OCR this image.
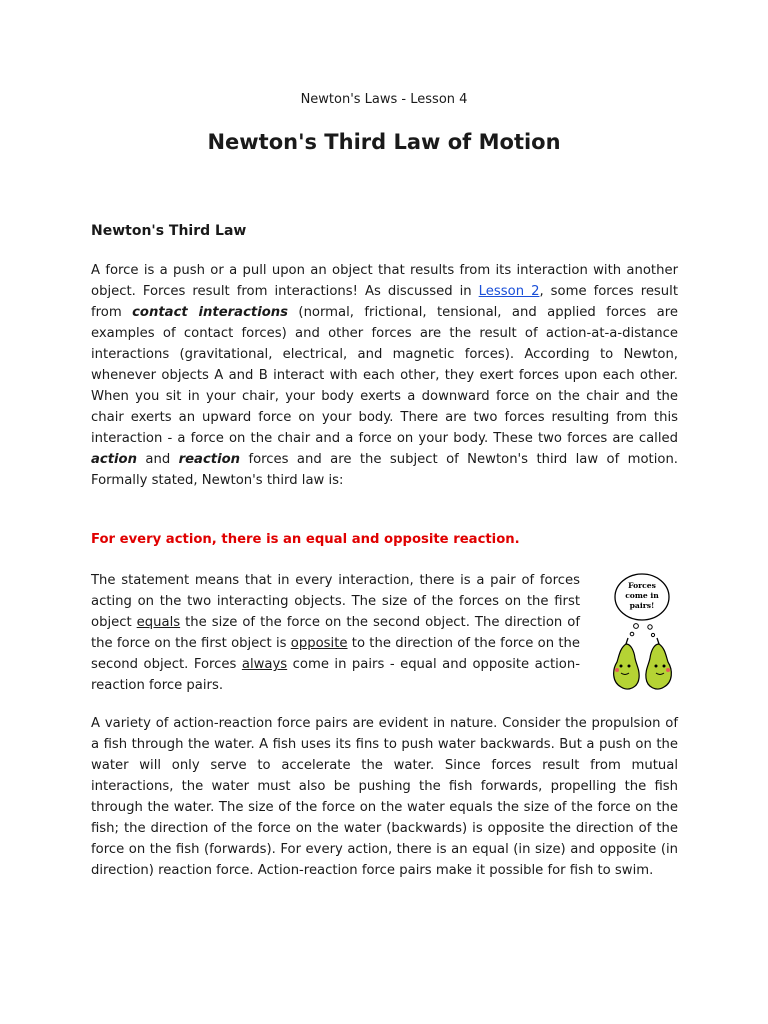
Newton's Laws - Lesson 4
Newton's Third Law of Motion
Newton's Third Law

A force is a push or a pull upon an object that results from its interaction with another object. Forces result from interactions! As discussed in Lesson 2, some forces result from contact interactions (normal, frictional, tensional, and applied forces are examples of contact forces) and other forces are the result of action-at-a-distance interactions (gravitational, electrical, and magnetic forces). According to Newton, whenever objects A and B interact with each other, they exert forces upon each other. When you sit in your chair, your body exerts a downward force on the chair and the chair exerts an upward force on your body. There are two forces resulting from this interaction - a force on the chair and a force on your body. These two forces are called action and reaction forces and are the subject of Newton's third law of motion. Formally stated, Newton's third law is:

For every action, there is an equal and opposite reaction.

The statement means that in every interaction, there is a pair of forces acting on the two interacting objects. The size of the forces on the first object equals the size of the force on the second object. The direction of the force on the first object is opposite to the direction of the force on the second object. Forces always come in pairs - equal and opposite action-reaction force pairs.

Forces
come in
pairs!

A variety of action-reaction force pairs are evident in nature. Consider the propulsion of a fish through the water. A fish uses its fins to push water backwards. But a push on the water will only serve to accelerate the water. Since forces result from mutual interactions, the water must also be pushing the fish forwards, propelling the fish through the water. The size of the force on the water equals the size of the force on the fish; the direction of the force on the water (backwards) is opposite the direction of the force on the fish (forwards). For every action, there is an equal (in size) and opposite (in direction) reaction force. Action-reaction force pairs make it possible for fish to swim.
